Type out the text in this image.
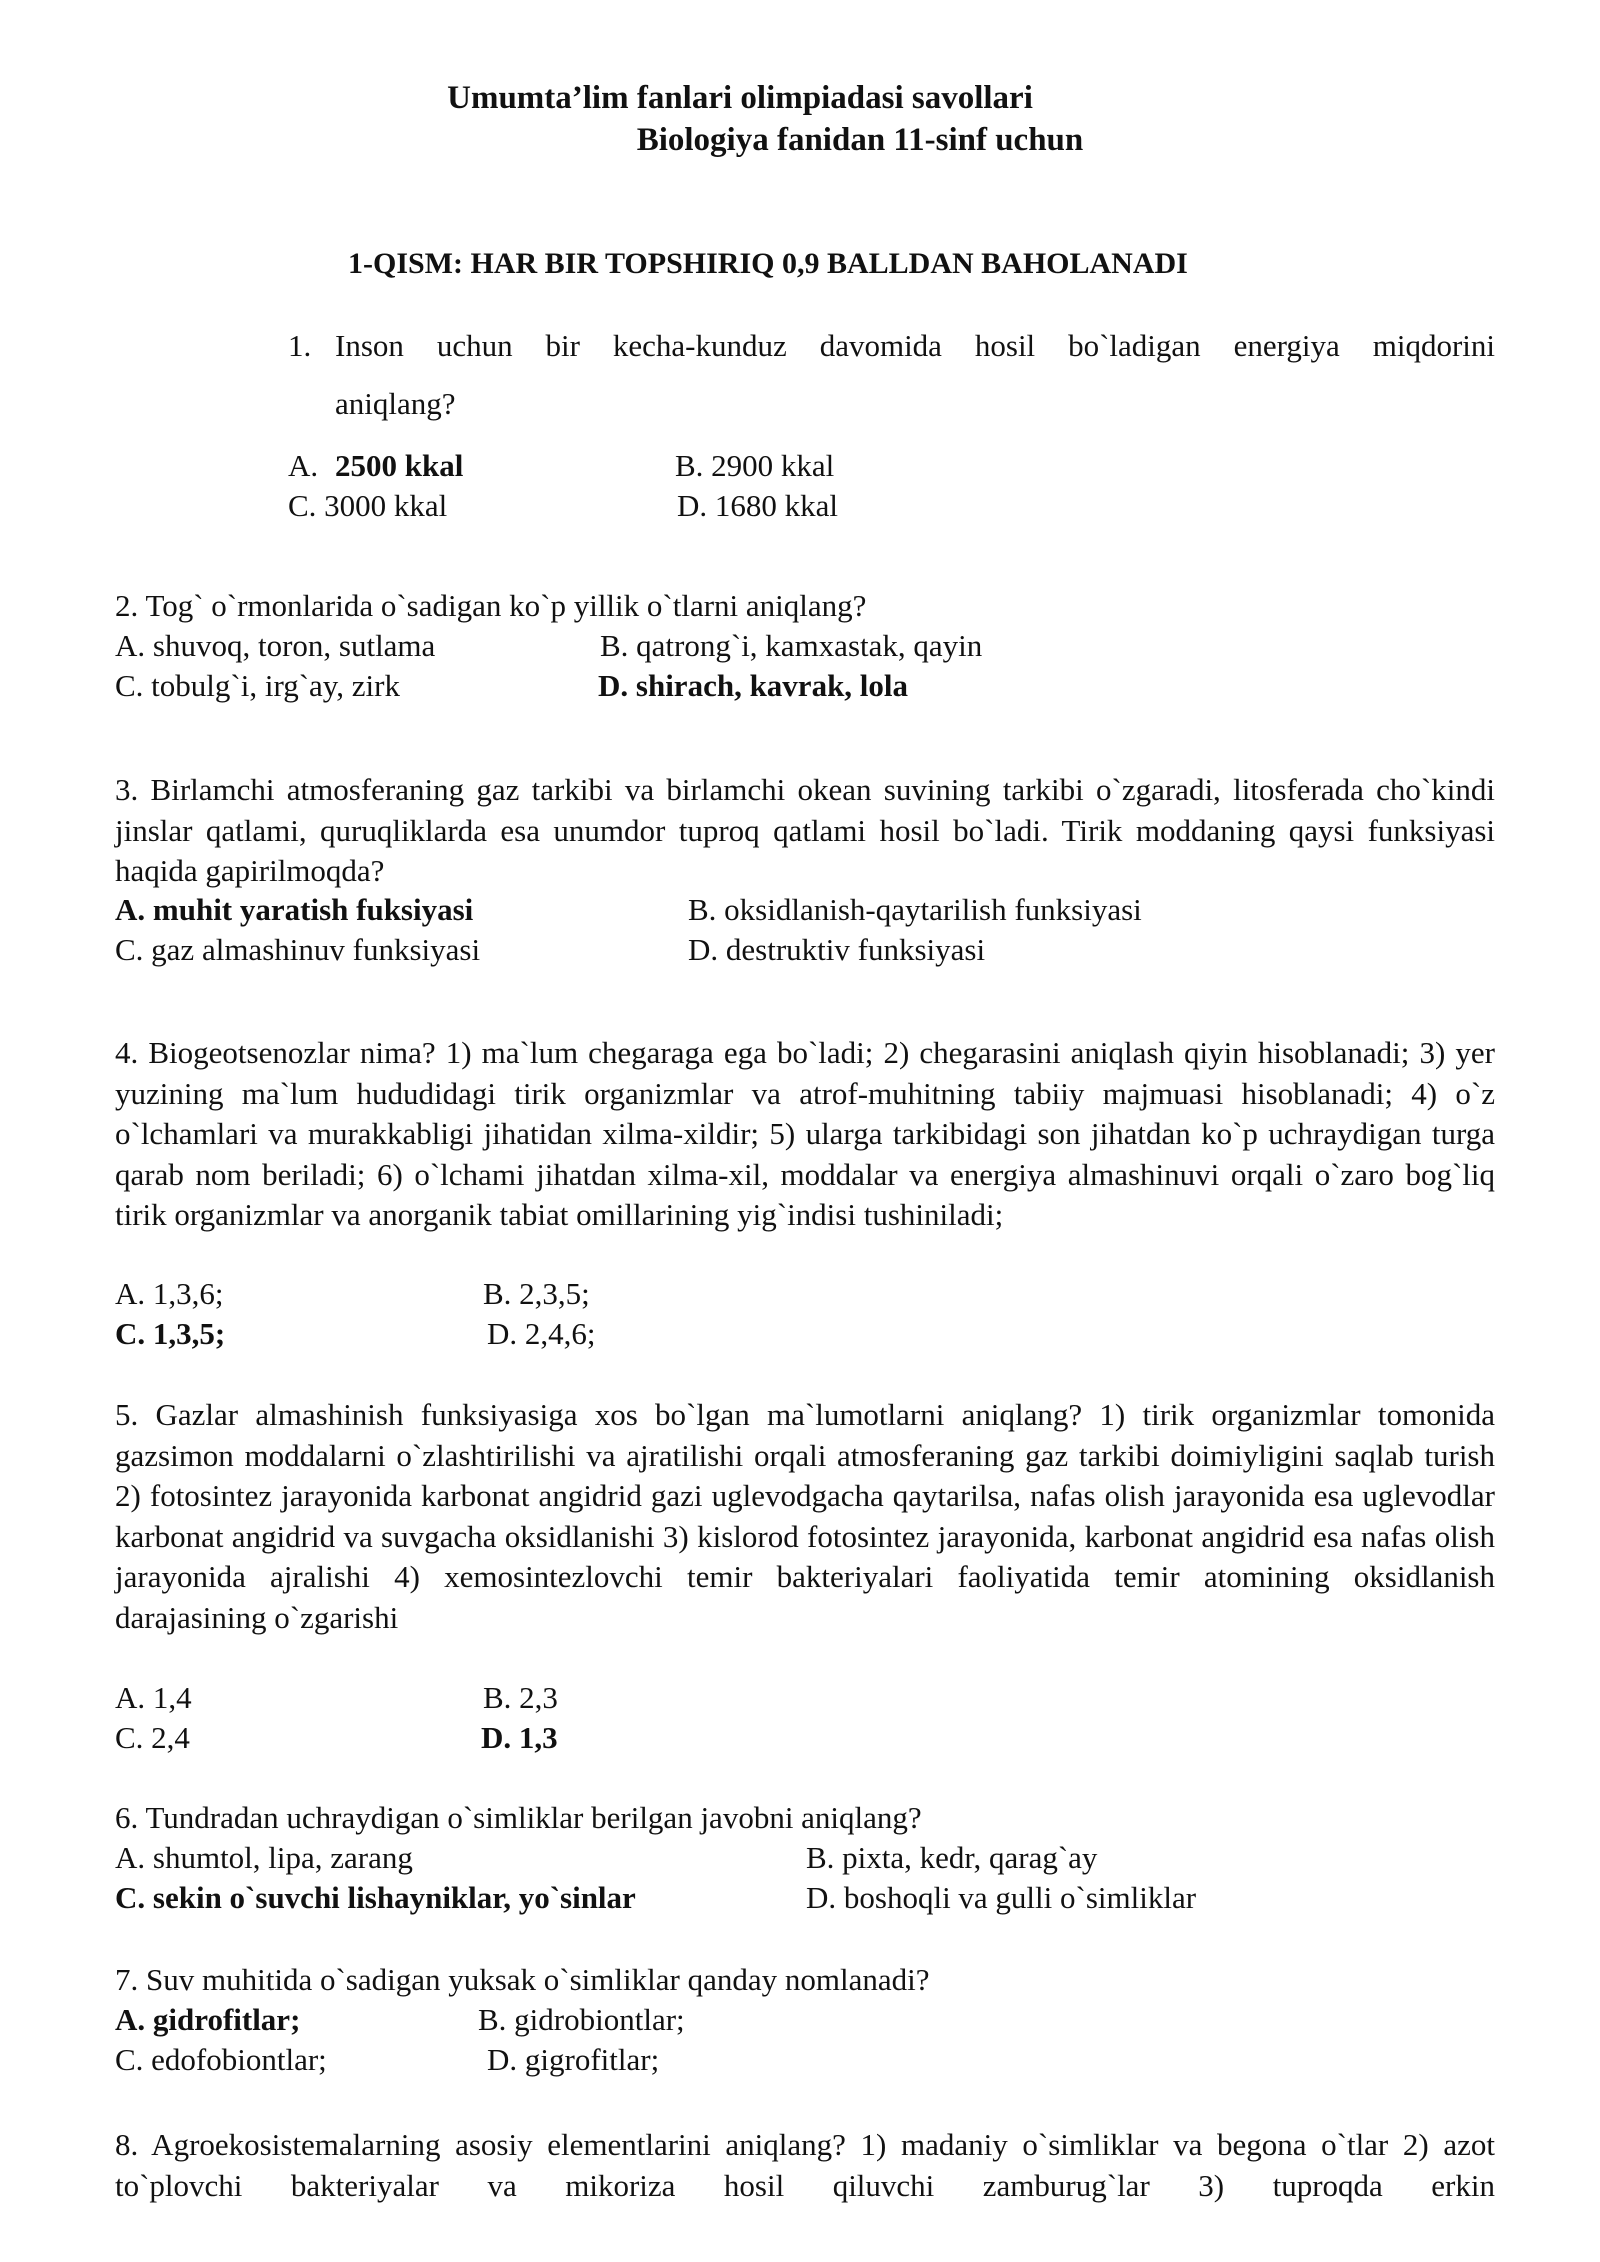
Umumta’lim fanlari olimpiadasi savollari
Biologiya fanidan 11-sinf uchun
1-QISM: HAR BIR TOPSHIRIQ 0,9 BALLDAN BAHOLANADI
1. Inson uchun bir kecha-kunduz davomida hosil bo`ladigan energiya miqdorini
aniqlang?
A. 2500 kkal	B. 2900 kkal
C. 3000 kkal	D. 1680 kkal
2. Tog` o`rmonlarida o`sadigan ko`p yillik o`tlarni aniqlang?
A. shuvoq, toron, sutlama	B. qatrong`i, kamxastak, qayin
C. tobulg`i, irg`ay, zirk	D. shirach, kavrak, lola
3. Birlamchi atmosferaning gaz tarkibi va birlamchi okean suvining tarkibi o`zgaradi, litosferada cho`kindi jinslar qatlami, quruqliklarda esa unumdor tuproq qatlami hosil bo`ladi. Tirik moddaning qaysi funksiyasi haqida gapirilmoqda?
A. muhit yaratish fuksiyasi	B. oksidlanish-qaytarilish funksiyasi
C. gaz almashinuv funksiyasi	D. destruktiv funksiyasi
4. Biogeotsenozlar nima? 1) ma`lum chegaraga ega bo`ladi; 2) chegarasini aniqlash qiyin hisoblanadi; 3) yer yuzining ma`lum hududidagi tirik organizmlar va atrof-muhitning tabiiy majmuasi hisoblanadi; 4) o`z o`lchamlari va murakkabligi jihatidan xilma-xildir; 5) ularga tarkibidagi son jihatdan ko`p uchraydigan turga qarab nom beriladi; 6) o`lchami jihatdan xilma-xil, moddalar va energiya almashinuvi orqali o`zaro bog`liq tirik organizmlar va anorganik tabiat omillarining yig`indisi tushiniladi;
A. 1,3,6;	B. 2,3,5;
C. 1,3,5;	D. 2,4,6;
5. Gazlar almashinish funksiyasiga xos bo`lgan ma`lumotlarni aniqlang? 1) tirik organizmlar tomonida gazsimon moddalarni o`zlashtirilishi va ajratilishi orqali atmosferaning gaz tarkibi doimiyligini saqlab turish 2) fotosintez jarayonida karbonat angidrid gazi uglevodgacha qaytarilsa, nafas olish jarayonida esa uglevodlar karbonat angidrid va suvgacha oksidlanishi 3) kislorod fotosintez jarayonida, karbonat angidrid esa nafas olish jarayonida ajralishi 4) xemosintezlovchi temir bakteriyalari faoliyatida temir atomining oksidlanish darajasining o`zgarishi
A. 1,4	B. 2,3
C. 2,4	D. 1,3
6. Tundradan uchraydigan o`simliklar berilgan javobni aniqlang?
A. shumtol, lipa, zarang	B. pixta, kedr, qarag`ay
C. sekin o`suvchi lishayniklar, yo`sinlar	D. boshoqli va gulli o`simliklar
7. Suv muhitida o`sadigan yuksak o`simliklar qanday nomlanadi?
A. gidrofitlar;	B. gidrobiontlar;
C. edofobiontlar;	D. gigrofitlar;
8. Agroekosistemalarning asosiy elementlarini aniqlang? 1) madaniy o`simliklar va begona o`tlar 2) azot to`plovchi bakteriyalar va mikoriza hosil qiluvchi zamburug`lar 3) tuproqda erkin
